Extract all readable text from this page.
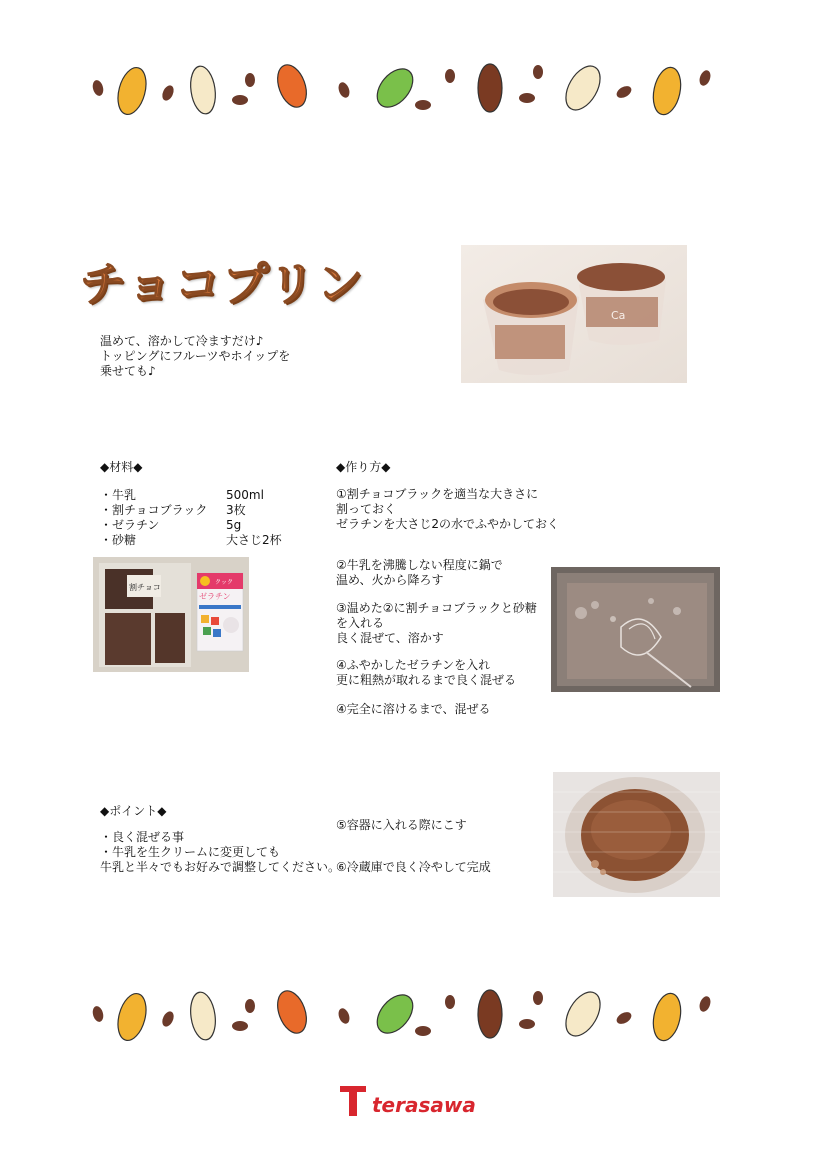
チョコプリン
Ca
温めて、溶かして冷ますだけ♪
トッピングにフルーツやホイップを
乗せても♪
◆材料◆
・牛乳	500ml
・割チョコブラック	3枚
・ゼラチン	5g
・砂糖	大さじ2杯
割チョコ
クック
ゼラチン
◆作り方◆
①割チョコブラックを適当な大きさに
割っておく
ゼラチンを大さじ2の水でふやかしておく
②牛乳を沸騰しない程度に鍋で
温め、火から降ろす
③温めた②に割チョコブラックと砂糖
を入れる
良く混ぜて、溶かす
④ふやかしたゼラチンを入れ
更に粗熱が取れるまで良く混ぜる
④完全に溶けるまで、混ぜる
◆ポイント◆
・良く混ぜる事
・牛乳を生クリームに変更しても
牛乳と半々でもお好みで調整してください。
⑤容器に入れる際にこす
⑥冷蔵庫で良く冷やして完成
terasawa
